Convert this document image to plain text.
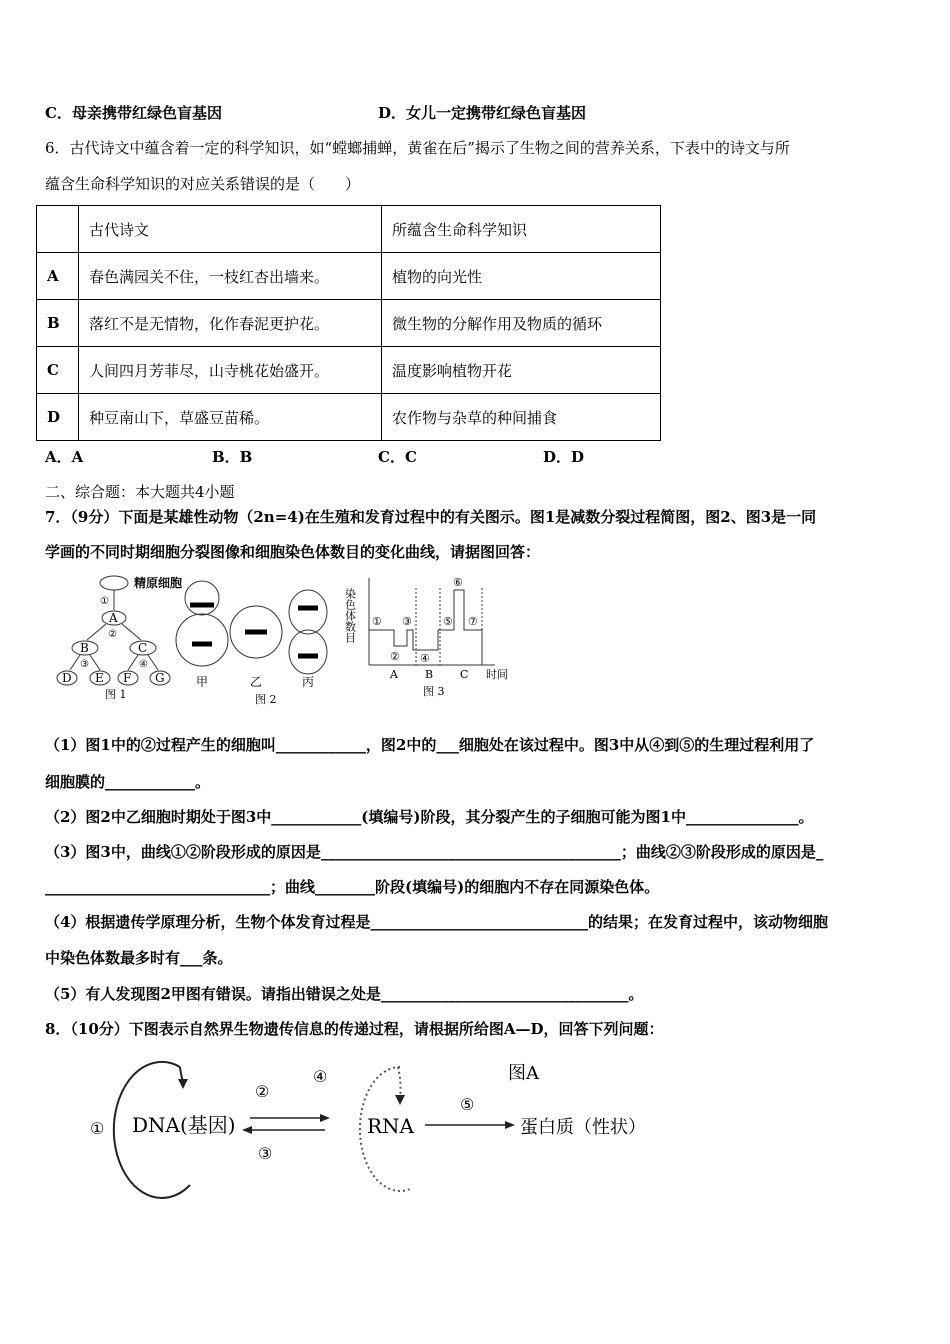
C．母亲携带红绿色盲基因	D．女儿一定携带红绿色盲基因
6．古代诗文中蕴含着一定的科学知识，如“螳螂捕蝉，黄雀在后”揭示了生物之间的营养关系，下表中的诗文与所
蕴含生命科学知识的对应关系错误的是（　　）
	古代诗文	所蕴含生命科学知识
A	春色满园关不住，一枝红杏出墙来。	植物的向光性
B	落红不是无情物，化作春泥更护花。	微生物的分解作用及物质的循环
C	人间四月芳菲尽，山寺桃花始盛开。	温度影响植物开花
D	种豆南山下，草盛豆苗稀。	农作物与杂草的种间捕食
A．A	B．B	C．C	D．D
二、综合题：本大题共4小题
7．（9分）下面是某雄性动物（2n=4)在生殖和发育过程中的有关图示。图1是减数分裂过程简图，图2、图3是一同
学画的不同时期细胞分裂图像和细胞染色体数目的变化曲线，请据图回答：
精原细胞
A
B	C
D E F G
①
②
③	④
图 1
甲	乙	丙
图 2
染色体数目
时间
A B C
①
②
③
④
⑤
⑥
⑦
图 3
（1）图1中的②过程产生的细胞叫____________，图2中的___细胞处在该过程中。图3中从④到⑤的生理过程利用了
细胞膜的____________。
（2）图2中乙细胞时期处于图3中____________(填编号)阶段，其分裂产生的子细胞可能为图1中_______________。
（3）图3中，曲线①②阶段形成的原因是________________________________________；曲线②③阶段形成的原因是_
______________________________；曲线________阶段(填编号)的细胞内不存在同源染色体。
（4）根据遗传学原理分析，生物个体发育过程是_____________________________的结果；在发育过程中，该动物细胞
中染色体数最多时有___条。
（5）有人发现图2甲图有错误。请指出错误之处是_________________________________。
8．（10分）下图表示自然界生物遗传信息的传递过程，请根据所给图A—D，回答下列问题：
DNA(基因)	RNA	蛋白质（性状）
图A
①
②
③
④
⑤
